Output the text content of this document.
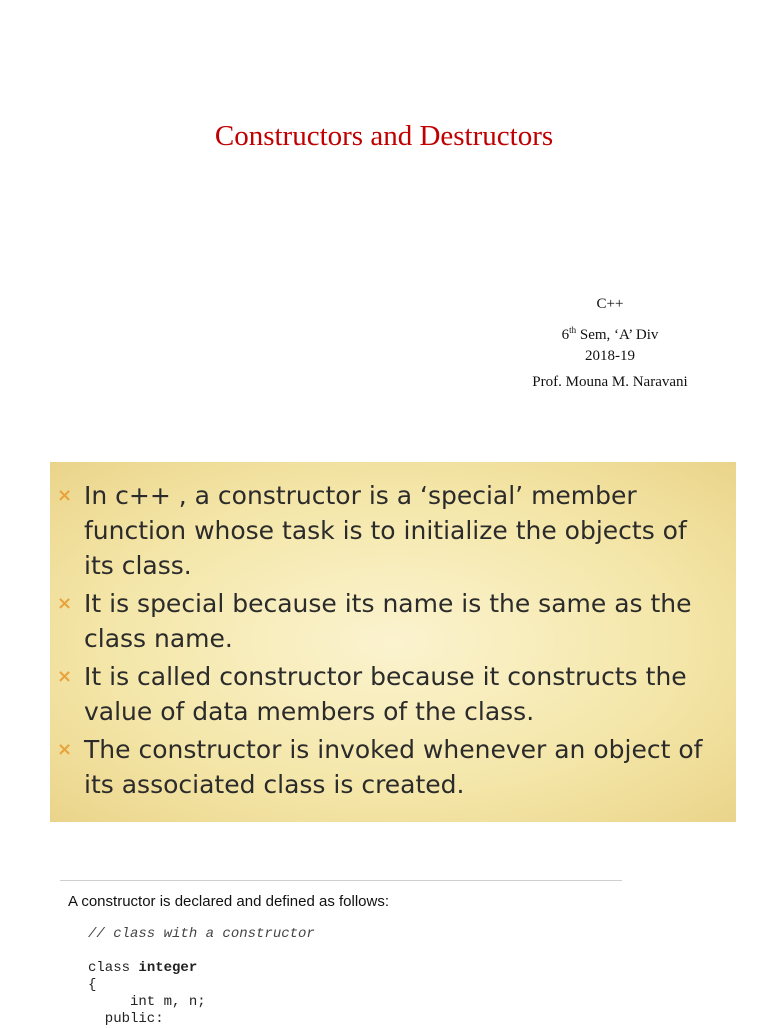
Constructors and Destructors
C++
6th Sem, ‘A’ Div
2018-19
Prof. Mouna M. Naravani
× In c++ , a constructor is a ‘special’ member function whose task is to initialize the objects of its class.
× It is special because its name is the same as the class name.
× It is called constructor because it constructs the value of data members of the class.
× The constructor is invoked whenever an object of its associated class is created.
A constructor is declared and defined as follows:
// class with a constructor

class integer
{
int m, n;
public:
